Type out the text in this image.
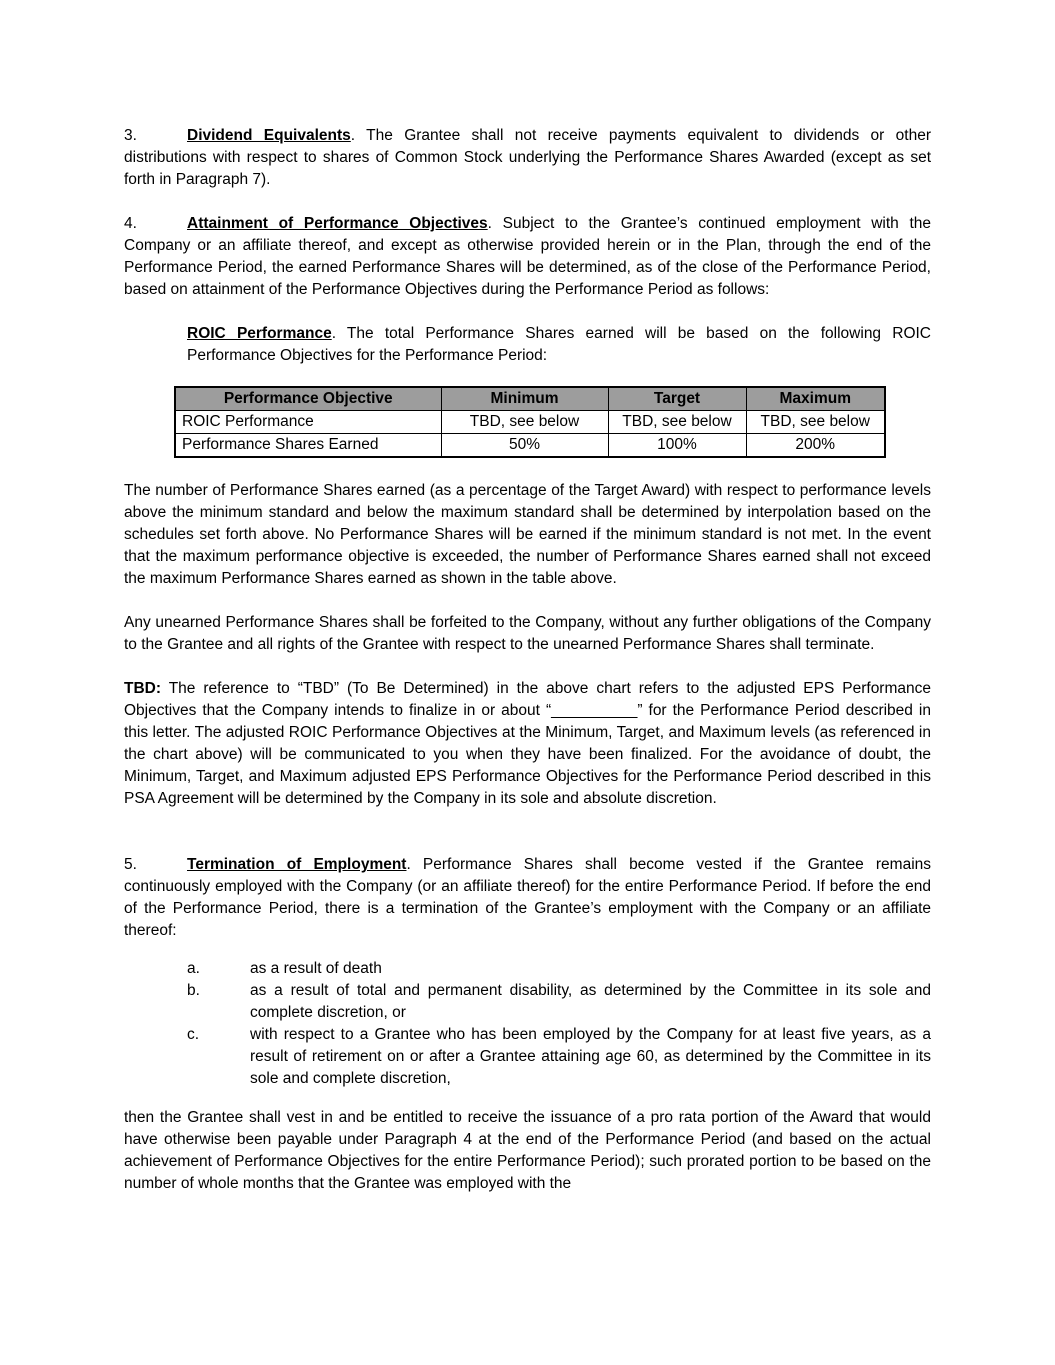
3.	Dividend Equivalents. The Grantee shall not receive payments equivalent to dividends or other distributions with respect to shares of Common Stock underlying the Performance Shares Awarded (except as set forth in Paragraph 7).

4.	Attainment of Performance Objectives. Subject to the Grantee’s continued employment with the Company or an affiliate thereof, and except as otherwise provided herein or in the Plan, through the end of the Performance Period, the earned Performance Shares will be determined, as of the close of the Performance Period, based on attainment of the Performance Objectives during the Performance Period as follows:

ROIC Performance. The total Performance Shares earned will be based on the following ROIC Performance Objectives for the Performance Period:

Performance Objective	Minimum	Target	Maximum
ROIC Performance	TBD, see below	TBD, see below	TBD, see below
Performance Shares Earned	50%	100%	200%

The number of Performance Shares earned (as a percentage of the Target Award) with respect to performance levels above the minimum standard and below the maximum standard shall be determined by interpolation based on the schedules set forth above. No Performance Shares will be earned if the minimum standard is not met. In the event that the maximum performance objective is exceeded, the number of Performance Shares earned shall not exceed the maximum Performance Shares earned as shown in the table above.

Any unearned Performance Shares shall be forfeited to the Company, without any further obligations of the Company to the Grantee and all rights of the Grantee with respect to the unearned Performance Shares shall terminate.

TBD: The reference to “TBD” (To Be Determined) in the above chart refers to the adjusted EPS Performance Objectives that the Company intends to finalize in or about “__________” for the Performance Period described in this letter. The adjusted ROIC Performance Objectives at the Minimum, Target, and Maximum levels (as referenced in the chart above) will be communicated to you when they have been finalized. For the avoidance of doubt, the Minimum, Target, and Maximum adjusted EPS Performance Objectives for the Performance Period described in this PSA Agreement will be determined by the Company in its sole and absolute discretion.

5.	Termination of Employment. Performance Shares shall become vested if the Grantee remains continuously employed with the Company (or an affiliate thereof) for the entire Performance Period. If before the end of the Performance Period, there is a termination of the Grantee’s employment with the Company or an affiliate thereof:

a.	as a result of death
b.	as a result of total and permanent disability, as determined by the Committee in its sole and complete discretion, or
c.	with respect to a Grantee who has been employed by the Company for at least five years, as a result of retirement on or after a Grantee attaining age 60, as determined by the Committee in its sole and complete discretion,

then the Grantee shall vest in and be entitled to receive the issuance of a pro rata portion of the Award that would have otherwise been payable under Paragraph 4 at the end of the Performance Period (and based on the actual achievement of Performance Objectives for the entire Performance Period); such prorated portion to be based on the number of whole months that the Grantee was employed with the
